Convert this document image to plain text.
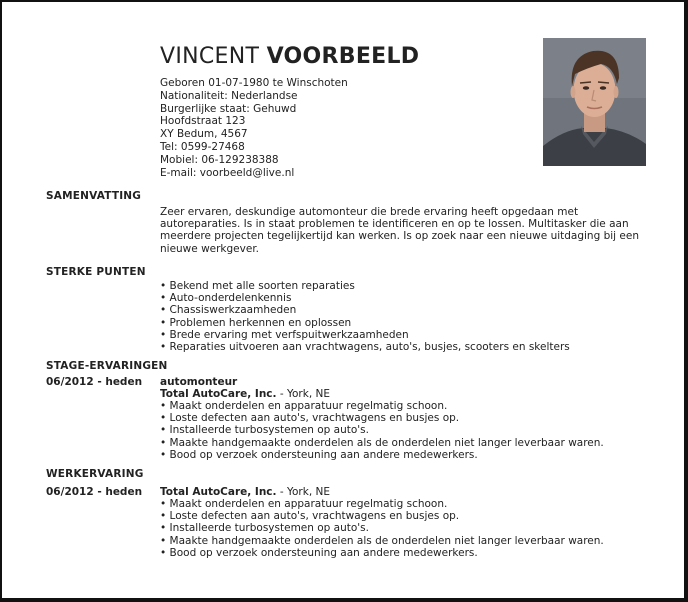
VINCENT VOORBEELD
Geboren 01-07-1980 te Winschoten
Nationaliteit: Nederlandse
Burgerlijke staat: Gehuwd
Hoofdstraat 123
XY Bedum, 4567
Tel: 0599-27468
Mobiel: 06-129238388
E-mail: voorbeeld@live.nl
SAMENVATTING
Zeer ervaren, deskundige automonteur die brede ervaring heeft opgedaan met autoreparaties. Is in staat problemen te identificeren en op te lossen. Multitasker die aan meerdere projecten tegelijkertijd kan werken. Is op zoek naar een nieuwe uitdaging bij een nieuwe werkgever.
STERKE PUNTEN
• Bekend met alle soorten reparaties
• Auto-onderdelenkennis
• Chassiswerkzaamheden
• Problemen herkennen en oplossen
• Brede ervaring met verfspuitwerkzaamheden
• Reparaties uitvoeren aan vrachtwagens, auto's, busjes, scooters en skelters
STAGE-ERVARINGEN
06/2012 - heden automonteur
Total AutoCare, Inc. - York, NE
• Maakt onderdelen en apparatuur regelmatig schoon.
• Loste defecten aan auto's, vrachtwagens en busjes op.
• Installeerde turbosystemen op auto's.
• Maakte handgemaakte onderdelen als de onderdelen niet langer leverbaar waren.
• Bood op verzoek ondersteuning aan andere medewerkers.
WERKERVARING
06/2012 - heden Total AutoCare, Inc. - York, NE
• Maakt onderdelen en apparatuur regelmatig schoon.
• Loste defecten aan auto's, vrachtwagens en busjes op.
• Installeerde turbosystemen op auto's.
• Maakte handgemaakte onderdelen als de onderdelen niet langer leverbaar waren.
• Bood op verzoek ondersteuning aan andere medewerkers.
